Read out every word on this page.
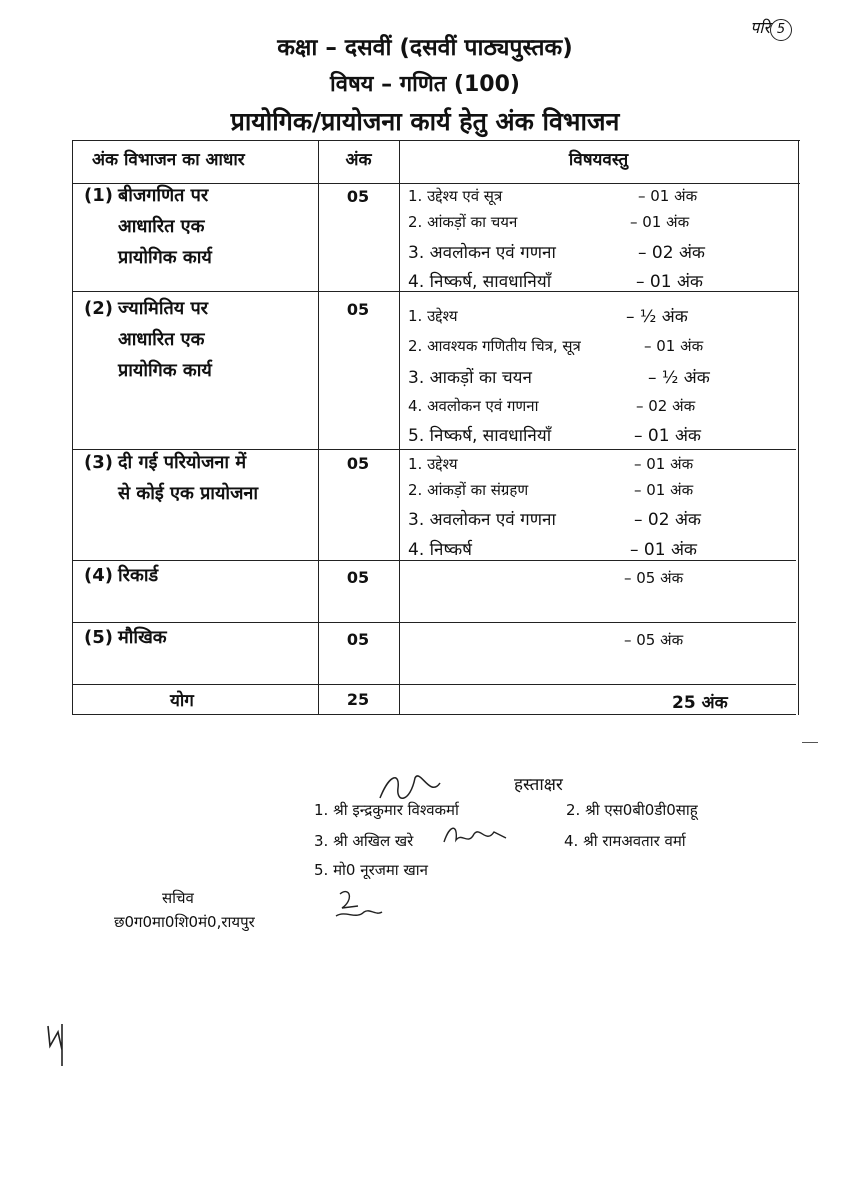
परि 5
कक्षा – दसवीं (दसवीं पाठ्यपुस्तक)
विषय – गणित (100)
प्रायोगिक/प्रायोजना कार्य हेतु अंक विभाजन
अंक विभाजन का आधार	अंक	विषयवस्तु
(1) बीजगणित पर
आधारित एक
प्रायोगिक कार्य
05	1. उद्देश्य एवं सूत्र	– 01 अंक
2. आंकड़ों का चयन	– 01 अंक
3. अवलोकन एवं गणना	– 02 अंक
4. निष्कर्ष, सावधानियाँ	– 01 अंक
(2) ज्यामितिय पर
आधारित एक
प्रायोगिक कार्य
05	1. उद्देश्य	– ½ अंक
2. आवश्यक गणितीय चित्र, सूत्र	– 01 अंक
3. आकड़ों का चयन	– ½ अंक
4. अवलोकन एवं गणना	– 02 अंक
5. निष्कर्ष, सावधानियाँ	– 01 अंक
(3) दी गई परियोजना में
से कोई एक प्रायोजना
05	1. उद्देश्य	– 01 अंक
2. आंकड़ों का संग्रहण	– 01 अंक
3. अवलोकन एवं गणना	– 02 अंक
4. निष्कर्ष	– 01 अंक
(4) रिकार्ड	05	– 05 अंक
(5) मौखिक	05	– 05 अंक
योग	25	25 अंक
हस्ताक्षर
1. श्री इन्द्रकुमार विश्वकर्मा	2. श्री एस0बी0डी0साहू
3. श्री अखिल खरे	4. श्री रामअवतार वर्मा
5. मो0 नूरजमा खान
सचिव
छ0ग0मा0शि0मं0,रायपुर
